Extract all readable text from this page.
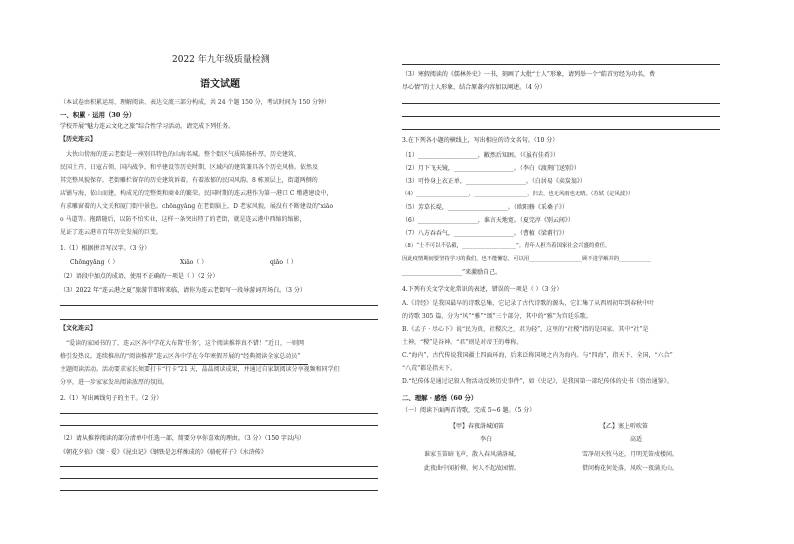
2022 年九年级质量检测
语文试题
（本试卷由积累运用、理解阅读、表达交流三部分构成，共 24 个题 150 分，考试时间为 150 分钟）
一、积累 · 运用（30 分）
学校开展“魅力连云文化之旅”综合性学习活动。请完成下列任务。
【历史连云】
大伙山傍海的连云老街是一座别具特色的山海名城。整个街区气质陈扬朴厚，历史建筑、
民国土卉、日寇占领、国内战争，和平建设等历史时期，区域内的建筑兼具各个历史风格。依然及
其完整风貌保存。老街雕栏留存的历史建筑诉着，有着浓郁的民国风韵。8 栋顶层上，街道两侧的
店铺与海、依山而建，构成光的完整类和商业的繁荣。民国时期的连云港作为第一港口 C 墩港建设中，
有求雕窗着的人文关和厦门街中景色。chōngyāng 在老街脑上，D 老家风貌，展没有不断建设的"xiāo
o 马道等。拖踏随后，以防不怕实业，这样一条突出特了的老街，就是连云港中西缩的缩影，
见证了连云港市百年历史发展的巨变。
1.（1）根据拼音写汉字。（3 分）
Chōngyāng（ ）	Xiāo（ ）	qiǎo（ ）
（2）语段中加点的成语，使用不正确的一项是（ ）（2 分）
（3）2022 年“连云港之夏”旅游节即将来临，请你为连云老街写一段导游词开场白。（3 分）
【文化连云】
“爱读的家园书的了，连云区各中学花大布置‘任务’，这个阅读推荐真不错！”近日，一则网
格引发热议。连续推出的“阅读推荐”连云区各中学在今年寒假开展的“经典阅读全家总动员”
主题阅读活动。活动要求家长须要打卡“行卡”21 天，晶晶阅读成果，并通过自家制阅读分享视频和同学们
分享，进一步家家发出阅读浓厚的氛围。
2.（1）写出画线句子的主干。（2 分）
（2）请从推荐阅读的部分清单中任选一部，简要分享你喜欢的理由。（3 分）（150 字以内）
《朝花夕拾》《简 · 爱》《昆虫记》《钢铁是怎样炼成的》《骆驼祥子》《水浒传》
（3）寒假阅读的《儒林外史》一书，刻画了大批“士人”形象，请列举一个“皓首穷经为功名，费
尽心情”的士人形象，结合原著内容加以阐述。（4 分）
3.在下列各小题的横线上，写出相应的诗文名句。（10 分）
（1）____________________，敝然后知困。（《虽有佳肴》）
（2）月下飞天镜，____________________。（李白《渡荆门送别》）
（3）可怜身上衣正单，____________________。（白居易《卖炭翁》）
（4）____________________，____________________，归去，也无风雨也无晴。（苏轼《定风波》）
（5）芳草长堤，____________________。（欧阳修《采桑子》）
（6）____________________，谁言天地宽。（夏完淳《别云间》）
（7）八方吞吞气，____________________。（曹植《梁甫行》）
（8）“士不可以不弘毅，____________________”。青年人担当着国家社会兴盛的重任。
因此疫情期间要坚持学习的我们，也不能懈怠，可以用____________________顾不进学解并的____________
____________________”来激励自己。
4.下列有关文学文化常识的表述，错误的一项是（ ）（3 分）
A.《诗经》是我国最早的诗歌总集，它记录了古代诗歌的源头，它汇集了从西周初年到春秋中叶
的诗歌 305 篇，分为“风”“雅”“颂”三个部分，其中的“雅”为宫廷乐歌。
B.《孟子 · 尽心下》说“民为贵，社稷次之，君为轻”，这里的“社稷”指的是国家。其中“社”是
土神，“稷”是谷神。“君”则是对帝王的尊称。
C.“海内”，古代传说我国疆土四面环海，后来泛称国境之内为海内。与“四海”，指天下、全国，“六合”
“八荒”都是指天下。
D.“纪传体是通过记叙人物活动反映历史事件”，如《史记》，是我国第一部纪传体的史书《资治通鉴》。
二、理解 · 感悟（60 分）
（一）阅读下面两首诗歌，完成 5~6 题。（5 分）
【甲】春夜洛城闻笛
李白
谁家玉笛暗飞声，散入春风满洛城。
此夜曲中闻折柳，何人不起故园情。
【乙】塞上听吹笛
高适
雪净胡天牧马还，月明羌笛戍楼间。
借问梅花何处落，风吹一夜满关山。
